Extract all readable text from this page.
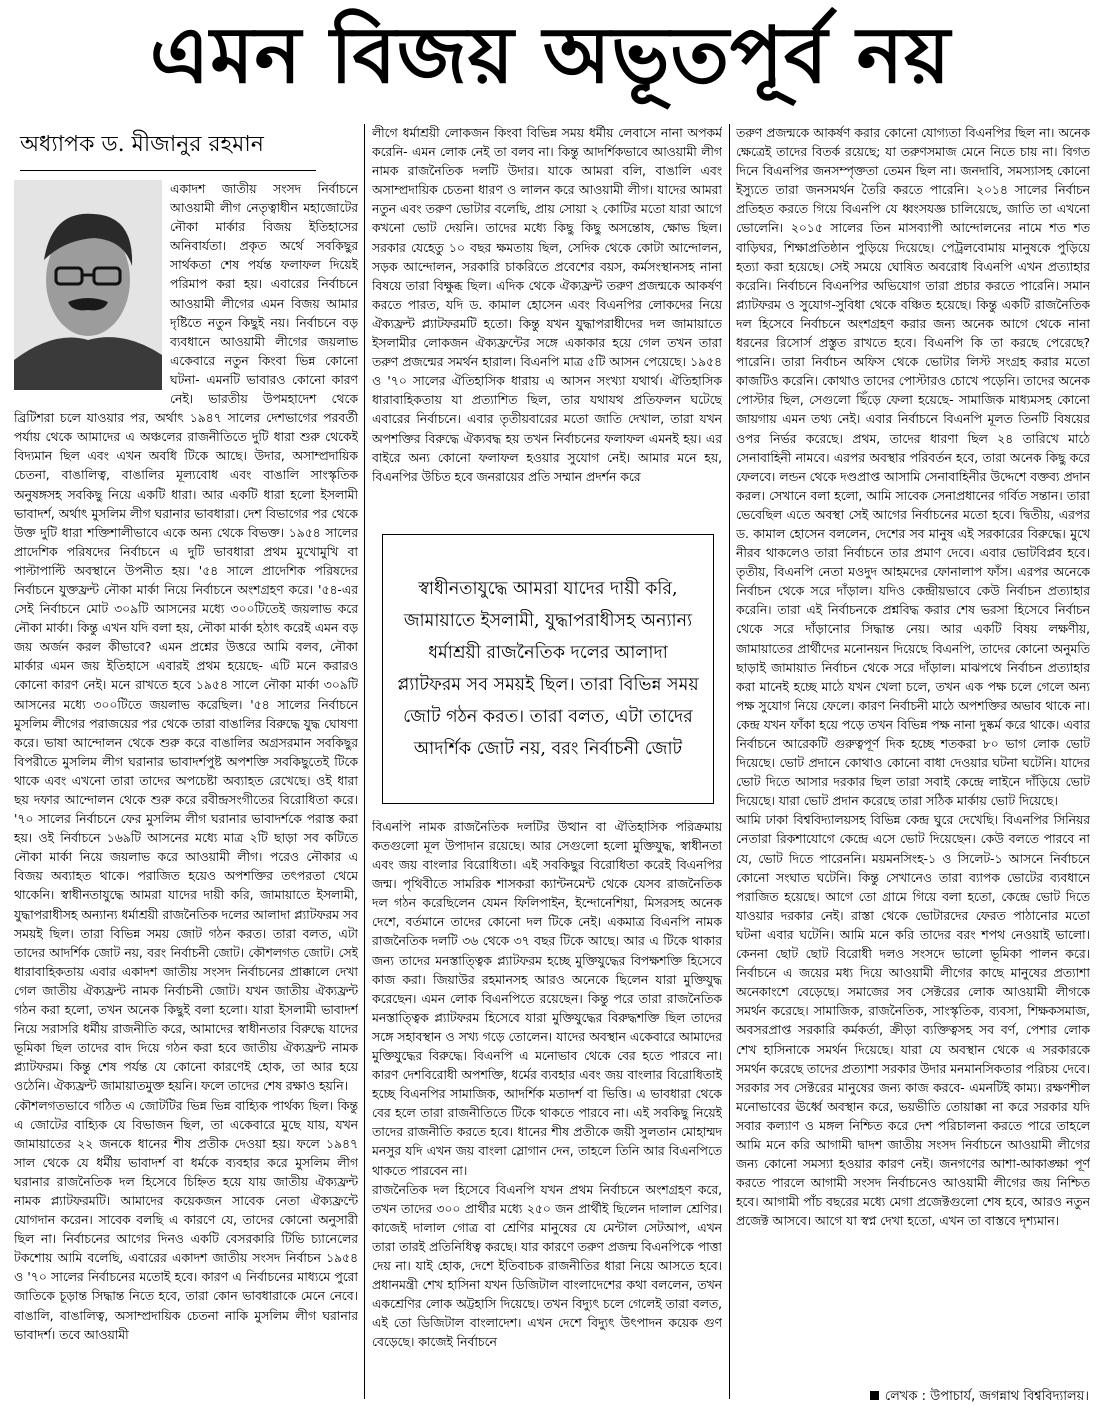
এমন বিজয় অভূতপূর্ব নয়
অধ্যাপক ড. মীজানুর রহমান

একাদশ জাতীয় সংসদ নির্বাচনে আওয়ামী লীগ নেতৃত্বাধীন মহাজোটের নৌকা মার্কার বিজয় ইতিহাসের অনিবার্যতা। প্রকৃত অর্থে সবকিছুর সার্থকতা শেষ পর্যন্ত ফলাফল দিয়েই পরিমাপ করা হয়। এবারের নির্বাচনে আওয়ামী লীগের এমন বিজয় আমার দৃষ্টিতে নতুন কিছুই নয়। নির্বাচনে বড় ব্যবধানে আওয়ামী লীগের জয়লাভ একেবারে নতুন কিংবা ভিন্ন কোনো ঘটনা- এমনটি ভাবারও কোনো কারণ নেই। ভারতীয় উপমহাদেশ থেকে ব্রিটিশরা চলে যাওয়ার পর, অর্থাৎ ১৯৪৭ সালের দেশভাগের পরবর্তী পর্যায় থেকে আমাদের এ অঞ্চলের রাজনীতিতে দুটি ধারা শুরু থেকেই বিদ্যমান ছিল এবং এখন অবধি টিকে আছে। উদার, অসাম্প্রদায়িক চেতনা, বাঙালিত্ব, বাঙালির মূল্যবোধ এবং বাঙালি সাংস্কৃতিক অনুষঙ্গসহ সবকিছু নিয়ে একটি ধারা। আর একটি ধারা হলো ইসলামী ভাবাদর্শ, অর্থাৎ মুসলিম লীগ ঘরানার ভাবধারা। দেশ বিভাগের পর থেকে উক্ত দুটি ধারা শক্তিশালীভাবে একে অন্য থেকে বিভক্ত। ১৯৫৪ সালের প্রাদেশিক পরিষদের নির্বাচনে এ দুটি ভাবধারা প্রথম মুখোমুখি বা পাল্টাপাল্টি অবস্থানে উপনীত হয়। '৫৪ সালে প্রাদেশিক পরিষদের নির্বাচনে যুক্তফ্রন্ট নৌকা মার্কা নিয়ে নির্বাচনে অংশগ্রহণ করে। '৫৪-এর সেই নির্বাচনে মোট ৩০৯টি আসনের মধ্যে ৩০০টিতেই জয়লাভ করে নৌকা মার্কা। কিন্তু এখন যদি বলা হয়, নৌকা মার্কা হঠাৎ করেই এমন বড় জয় অর্জন করল কীভাবে? এমন প্রশ্নের উত্তরে আমি বলব, নৌকা মার্কার এমন জয় ইতিহাসে এবারই প্রথম হয়েছে- এটি মনে করারও কোনো কারণ নেই। মনে রাখতে হবে ১৯৫৪ সালে নৌকা মার্কা ৩০৯টি আসনের মধ্যে ৩০০টিতে জয়লাভ করেছিল। '৫৪ সালের নির্বাচনে মুসলিম লীগের পরাজয়ের পর থেকে তারা বাঙালির বিরুদ্ধে যুদ্ধ ঘোষণা করে। ভাষা আন্দোলন থেকে শুরু করে বাঙালির অগ্রসরমান সবকিছুর বিপরীতে মুসলিম লীগ ঘরানার ভাবাদর্শপুষ্ট অপশক্তি সবকিছুতেই টিকে থাকে এবং এখনো তারা তাদের অপচেষ্টা অব্যাহত রেখেছে। ওই ধারা ছয় দফার আন্দোলন থেকে শুরু করে রবীন্দ্রসংগীতের বিরোধিতা করে। '৭০ সালের নির্বাচনে ফের মুসলিম লীগ ঘরানার ভাবাদর্শকে পরাস্ত করা হয়। ওই নির্বাচনে ১৬৯টি আসনের মধ্যে মাত্র ২টি ছাড়া সব কটিতে নৌকা মার্কা নিয়ে জয়লাভ করে আওয়ামী লীগ। পরেও নৌকার এ বিজয় অব্যাহত থাকে। পরাজিত হয়েও অপশক্তির তৎপরতা থেমে থাকেনি। স্বাধীনতাযুদ্ধে আমরা যাদের দায়ী করি, জামায়াতে ইসলামী, যুদ্ধাপরাধীসহ অন্যান্য ধর্মাশ্রয়ী রাজনৈতিক দলের আলাদা প্ল্যাটফরম সব সময়ই ছিল। তারা বিভিন্ন সময় জোট গঠন করত। তারা বলত, এটা তাদের আদর্শিক জোট নয়, বরং নির্বাচনী জোট। কৌশলগত জোট। সেই ধারাবাহিকতায় এবার একাদশ জাতীয় সংসদ নির্বাচনের প্রাক্কালে দেখা গেল জাতীয় ঐক্যফ্রন্ট নামক নির্বাচনী জোট। যখন জাতীয় ঐক্যফ্রন্ট গঠন করা হলো, তখন অনেক কিছুই বলা হলো। যারা ইসলামী ভাবাদর্শ নিয়ে সরাসরি ধর্মীয় রাজনীতি করে, আমাদের স্বাধীনতার বিরুদ্ধে যাদের ভূমিকা ছিল তাদের বাদ দিয়ে গঠন করা হবে জাতীয় ঐক্যফ্রন্ট নামক প্ল্যাটফরম। কিন্তু শেষ পর্যন্ত যে কোনো কারণেই হোক, তা আর হয়ে ওঠেনি। ঐক্যফ্রন্ট জামায়াতমুক্ত হয়নি। ফলে তাদের শেষ রক্ষাও হয়নি।

কৌশলগতভাবে গঠিত এ জোটটির ভিন্ন ভিন্ন বাহ্যিক পার্থক্য ছিল। কিন্তু এ জোটের বাহ্যিক যে বিভাজন ছিল, তা একেবারে মুছে যায়, যখন জামায়াতের ২২ জনকে ধানের শীষ প্রতীক দেওয়া হয়। ফলে ১৯৪৭ সাল থেকে যে ধর্মীয় ভাবাদর্শ বা ধর্মকে ব্যবহার করে মুসলিম লীগ ঘরানার রাজনৈতিক দল হিসেবে চিহ্নিত হয়ে যায় জাতীয় ঐক্যফ্রন্ট নামক প্ল্যাটফরমটি। আমাদের কয়েকজন সাবেক নেতা ঐক্যফ্রন্টে যোগদান করেন। সাবেক বলছি এ কারণে যে, তাদের কোনো অনুসারী ছিল না। নির্বাচনের আগের দিনও একটি বেসরকারি টিভি চ্যানেলের টকশোয় আমি বলেছি, এবারের একাদশ জাতীয় সংসদ নির্বাচন ১৯৫৪ ও '৭০ সালের নির্বাচনের মতোই হবে। কারণ এ নির্বাচনের মাধ্যমে পুরো জাতিকে চূড়ান্ত সিদ্ধান্ত নিতে হবে, তারা কোন ভাবধারাকে মেনে নেবে। বাঙালি, বাঙালিত্ব, অসাম্প্রদায়িক চেতনা নাকি মুসলিম লীগ ঘরানার ভাবাদর্শ। তবে আওয়ামী

লীগে ধর্মাশ্রয়ী লোকজন কিংবা বিভিন্ন সময় ধর্মীয় লেবাসে নানা অপকর্ম করেনি- এমন লোক নেই তা বলব না। কিন্তু আদর্শিকভাবে আওয়ামী লীগ নামক রাজনৈতিক দলটি উদার। যাকে আমরা বলি, বাঙালি এবং অসাম্প্রদায়িক চেতনা ধারণ ও লালন করে আওয়ামী লীগ। যাদের আমরা নতুন এবং তরুণ ভোটার বলেছি, প্রায় সোয়া ২ কোটির মতো যারা আগে কখনো ভোট দেয়নি। তাদের মধ্যে কিছু কিছু অসন্তোষ, ক্ষোভ ছিল। সরকার যেহেতু ১০ বছর ক্ষমতায় ছিল, সেদিক থেকে কোটা আন্দোলন, সড়ক আন্দোলন, সরকারি চাকরিতে প্রবেশের বয়স, কর্মসংস্থানসহ নানা বিষয়ে তারা বিক্ষুব্ধ ছিল। এদিক থেকে ঐক্যফ্রন্ট তরুণ প্রজন্মকে আকর্ষণ করতে পারত, যদি ড. কামাল হোসেন এবং বিএনপির লোকদের নিয়ে ঐক্যফ্রন্ট প্ল্যাটফরমটি হতো। কিন্তু যখন যুদ্ধাপরাধীদের দল জামায়াতে ইসলামীর লোকজন ঐক্যফ্রন্টের সঙ্গে একাকার হয়ে গেল তখন তারা তরুণ প্রজন্মের সমর্থন হারাল। বিএনপি মাত্র ৫টি আসন পেয়েছে। ১৯৫৪ ও '৭০ সালের ঐতিহাসিক ধারায় এ আসন সংখ্যা যথার্থ। ঐতিহাসিক ধারাবাহিকতায় যা প্রত্যাশিত ছিল, তার যথাযথ প্রতিফলন ঘটেছে এবারের নির্বাচনে। এবার তৃতীয়বারের মতো জাতি দেখাল, তারা যখন অপশক্তির বিরুদ্ধে ঐক্যবদ্ধ হয় তখন নির্বাচনের ফলাফল এমনই হয়। এর বাইরে অন্য কোনো ফলাফল হওয়ার সুযোগ নেই। আমার মনে হয়, বিএনপির উচিত হবে জনরায়ের প্রতি সম্মান প্রদর্শন করে

বিএনপি নামক রাজনৈতিক দলটির উত্থান বা ঐতিহাসিক পরিক্রমায় কতগুলো মূল উপাদান রয়েছে। আর সেগুলো হলো মুক্তিযুদ্ধ, স্বাধীনতা এবং জয় বাংলার বিরোধিতা। এই সবকিছুর বিরোধিতা করেই বিএনপির জন্ম। পৃথিবীতে সামরিক শাসকরা ক্যান্টনমেন্ট থেকে যেসব রাজনৈতিক দল গঠন করেছিলেন যেমন ফিলিপাইন, ইন্দোনেশিয়া, মিসরসহ অনেক দেশে, বর্তমানে তাদের কোনো দল টিকে নেই। একমাত্র বিএনপি নামক রাজনৈতিক দলটি ৩৬ থেকে ৩৭ বছর টিকে আছে। আর এ টিকে থাকার জন্য তাদের মনস্তাত্ত্বিক প্ল্যাটফরম হচ্ছে মুক্তিযুদ্ধের বিপক্ষশক্তি হিসেবে কাজ করা। জিয়াউর রহমানসহ আরও অনেকে ছিলেন যারা মুক্তিযুদ্ধ করেছেন। এমন লোক বিএনপিতে রয়েছেন। কিন্তু পরে তারা রাজনৈতিক মনস্তাত্ত্বিক প্ল্যাটফরম হিসেবে যারা মুক্তিযুদ্ধের বিরুদ্ধশক্তি ছিল তাদের সঙ্গে সহাবস্থান ও সখ্য গড়ে তোলেন। যাদের অবস্থান একেবারে আমাদের মুক্তিযুদ্ধের বিরুদ্ধে। বিএনপি এ মনোভাব থেকে বের হতে পারবে না। কারণ দেশবিরোধী অপশক্তি, ধর্মের ব্যবহার এবং জয় বাংলার বিরোধিতাই হচ্ছে বিএনপির সামাজিক, আদর্শিক মতাদর্শ বা ভিত্তি। এ ভাবধারা থেকে বের হলে তারা রাজনীতিতে টিকে থাকতে পারবে না। এই সবকিছু নিয়েই তাদের রাজনীতি করতে হবে। ধানের শীষ প্রতীকে জয়ী সুলতান মোহাম্মদ মনসুর যদি এখন জয় বাংলা স্লোগান দেন, তাহলে তিনি আর বিএনপিতে থাকতে পারবেন না।

রাজনৈতিক দল হিসেবে বিএনপি যখন প্রথম নির্বাচনে অংশগ্রহণ করে, তখন তাদের ৩০০ প্রার্থীর মধ্যে ২৫০ জন প্রার্থীই ছিলেন দালাল শ্রেণির। কাজেই দালাল গোত্র বা শ্রেণির মানুষের যে মেন্টাল সেটআপ, এখন তারা তারই প্রতিনিধিত্ব করছে। যার কারণে তরুণ প্রজন্ম বিএনপিকে পাত্তা দেয় না। যাই হোক, দেশে ইতিবাচক রাজনীতির ধারা নিয়ে আসতে হবে। প্রধানমন্ত্রী শেখ হাসিনা যখন ডিজিটাল বাংলাদেশের কথা বললেন, তখন একশ্রেণির লোক অট্টহাসি দিয়েছে। তখন বিদ্যুৎ চলে গেলেই তারা বলত, এই তো ডিজিটাল বাংলাদেশ। এখন দেশে বিদ্যুৎ উৎপাদন কয়েক গুণ বেড়েছে। কাজেই নির্বাচনে

স্বাধীনতাযুদ্ধে আমরা যাদের দায়ী করি, জামায়াতে ইসলামী, যুদ্ধাপরাধীসহ অন্যান্য ধর্মাশ্রয়ী রাজনৈতিক দলের আলাদা প্ল্যাটফরম সব সময়ই ছিল। তারা বিভিন্ন সময় জোট গঠন করত। তারা বলত, এটা তাদের আদর্শিক জোট নয়, বরং নির্বাচনী জোট

তরুণ প্রজন্মকে আকর্ষণ করার কোনো যোগ্যতা বিএনপির ছিল না। অনেক ক্ষেত্রেই তাদের বিতর্ক রয়েছে; যা তরুণসমাজ মেনে নিতে চায় না। বিগত দিনে বিএনপির জনসম্পৃক্ততা তেমন ছিল না। জনদাবি, সমস্যাসহ কোনো ইস্যুতে তারা জনসমর্থন তৈরি করতে পারেনি। ২০১৪ সালের নির্বাচন প্রতিহত করতে গিয়ে বিএনপি যে ধ্বংসযজ্ঞ চালিয়েছে, জাতি তা এখনো ভোলেনি। ২০১৫ সালের তিন মাসব্যাপী আন্দোলনের নামে শত শত বাড়িঘর, শিক্ষাপ্রতিষ্ঠান পুড়িয়ে দিয়েছে। পেট্রলবোমায় মানুষকে পুড়িয়ে হত্যা করা হয়েছে। সেই সময়ে ঘোষিত অবরোধ বিএনপি এখন প্রত্যাহার করেনি। নির্বাচনে বিএনপির অভিযোগ তারা প্রচার করতে পারেনি। সমান প্ল্যাটফরম ও সুযোগ-সুবিধা থেকে বঞ্চিত হয়েছে। কিন্তু একটি রাজনৈতিক দল হিসেবে নির্বাচনে অংশগ্রহণ করার জন্য অনেক আগে থেকে নানা ধরনের রিসোর্স প্রস্তুত রাখতে হবে। বিএনপি কি তা করছে পেরেছে? পারেনি। তারা নির্বাচন অফিস থেকে ভোটার লিস্ট সংগ্রহ করার মতো কাজটিও করেনি। কোথাও তাদের পোস্টারও চোখে পড়েনি। তাদের অনেক পোস্টার ছিল, সেগুলো ছিঁড়ে ফেলা হয়েছে- সামাজিক মাধ্যমসহ কোনো জায়গায় এমন তথ্য নেই। এবার নির্বাচনে বিএনপি মূলত তিনটি বিষয়ের ওপর নির্ভর করেছে। প্রথম, তাদের ধারণা ছিল ২৪ তারিখে মাঠে সেনাবাহিনী নামবে। এরপর অবস্থার পরিবর্তন হবে, তারা অনেক কিছু করে ফেলবে। লন্ডন থেকে দণ্ডপ্রাপ্ত আসামি সেনাবাহিনীর উদ্দেশে বক্তব্য প্রদান করল। সেখানে বলা হলো, আমি সাবেক সেনাপ্রধানের গর্বিত সন্তান। তারা ভেবেছিল এতে অবস্থা সেই আগের নির্বাচনের মতো হবে। দ্বিতীয়, এরপর ড. কামাল হোসেন বললেন, দেশের সব মানুষ এই সরকারের বিরুদ্ধে। মুখে নীরব থাকলেও তারা নির্বাচনে তার প্রমাণ দেবে। এবার ভোটবিপ্লব হবে। তৃতীয়, বিএনপি নেতা মওদুদ আহমদের ফোনালাপ ফাঁস। এরপর অনেকে নির্বাচন থেকে সরে দাঁড়াল। যদিও কেন্দ্রীয়ভাবে কেউ নির্বাচন প্রত্যাহার করেনি। তারা এই নির্বাচনকে প্রশ্নবিদ্ধ করার শেষ ভরসা হিসেবে নির্বাচন থেকে সরে দাঁড়ানোর সিদ্ধান্ত নেয়। আর একটি বিষয় লক্ষণীয়, জামায়াতের প্রার্থীদের মনোনয়ন দিয়েছে বিএনপি, তাদের কোনো অনুমতি ছাড়াই জামায়াত নির্বাচন থেকে সরে দাঁড়াল। মাঝপথে নির্বাচন প্রত্যাহার করা মানেই হচ্ছে মাঠে যখন খেলা চলে, তখন এক পক্ষ চলে গেলে অন্য পক্ষ সুযোগ নিয়ে ফেলে। কারণ নির্বাচনী মাঠে অপশক্তির অভাব থাকে না। কেন্দ্র যখন ফাঁকা হয়ে পড়ে তখন বিভিন্ন পক্ষ নানা দুষ্কর্ম করে থাকে। এবার নির্বাচনে আরেকটি গুরুত্বপূর্ণ দিক হচ্ছে শতকরা ৮০ ভাগ লোক ভোট দিয়েছে। ভোট প্রদানে কোথাও কোনো বাধা দেওয়ার ঘটনা ঘটেনি। যাদের ভোট দিতে আসার দরকার ছিল তারা সবাই কেন্দ্রে লাইনে দাঁড়িয়ে ভোট দিয়েছে। যারা ভোট প্রদান করেছে তারা সঠিক মার্কায় ভোট দিয়েছে।

আমি ঢাকা বিশ্ববিদ্যালয়সহ বিভিন্ন কেন্দ্র ঘুরে দেখেছি। বিএনপির সিনিয়র নেতারা রিকশাযোগে কেন্দ্রে এসে ভোট দিয়েছেন। কেউ বলতে পারবে না যে, ভোট দিতে পারেননি। ময়মনসিংহ-১ ও সিলেট-১ আসনে নির্বাচনে কোনো সংঘাত ঘটেনি। কিন্তু সেখানেও তারা ব্যাপক ভোটের ব্যবধানে পরাজিত হয়েছে। আগে তো গ্রামে গিয়ে বলা হতো, কেন্দ্রে ভোট দিতে যাওয়ার দরকার নেই। রাস্তা থেকে ভোটারদের ফেরত পাঠানোর মতো ঘটনা এবার ঘটেনি। আমি মনে করি তাদের বরং শপথ নেওয়াই ভালো। কেননা ছোট ছোট বিরোধী দলও সংসদে ভালো ভূমিকা পালন করে। নির্বাচনে এ জয়ের মধ্য দিয়ে আওয়ামী লীগের কাছে মানুষের প্রত্যাশা অনেকাংশে বেড়েছে। সমাজের সব সেক্টরের লোক আওয়ামী লীগকে সমর্থন করেছে। সামাজিক, রাজনৈতিক, সাংস্কৃতিক, ব্যবসা, শিক্ষকসমাজ, অবসরপ্রাপ্ত সরকারি কর্মকর্তা, ক্রীড়া ব্যক্তিত্বসহ সব বর্ণ, পেশার লোক শেখ হাসিনাকে সমর্থন দিয়েছে। যারা যে অবস্থান থেকে এ সরকারকে সমর্থন করেছে তাদের প্রত্যাশা সরকার উদার মনমানসিকতার পরিচয় দেবে। সরকার সব সেক্টরের মানুষের জন্য কাজ করবে- এমনটিই কাম্য। রক্ষণশীল মনোভাবের ঊর্ধ্বে অবস্থান করে, ভয়ভীতি তোয়াক্কা না করে সরকার যদি সবার কল্যাণ ও মঙ্গল নিশ্চিত করে দেশ পরিচালনা করতে পারে তাহলে আমি মনে করি আগামী দ্বাদশ জাতীয় সংসদ নির্বাচনে আওয়ামী লীগের জন্য কোনো সমস্যা হওয়ার কারণ নেই। জনগণের আশা-আকাঙ্ক্ষা পূর্ণ করতে পারলে আগামী সংসদ নির্বাচনেও আওয়ামী লীগের জয় নিশ্চিত হবে। আগামী পাঁচ বছরের মধ্যে মেগা প্রজেক্টগুলো শেষ হবে, আরও নতুন প্রজেক্ট আসবে। আগে যা স্বপ্ন দেখা হতো, এখন তা বাস্তবে দৃশ্যমান।

লেখক : উপাচার্য, জগন্নাথ বিশ্ববিদ্যালয়।
